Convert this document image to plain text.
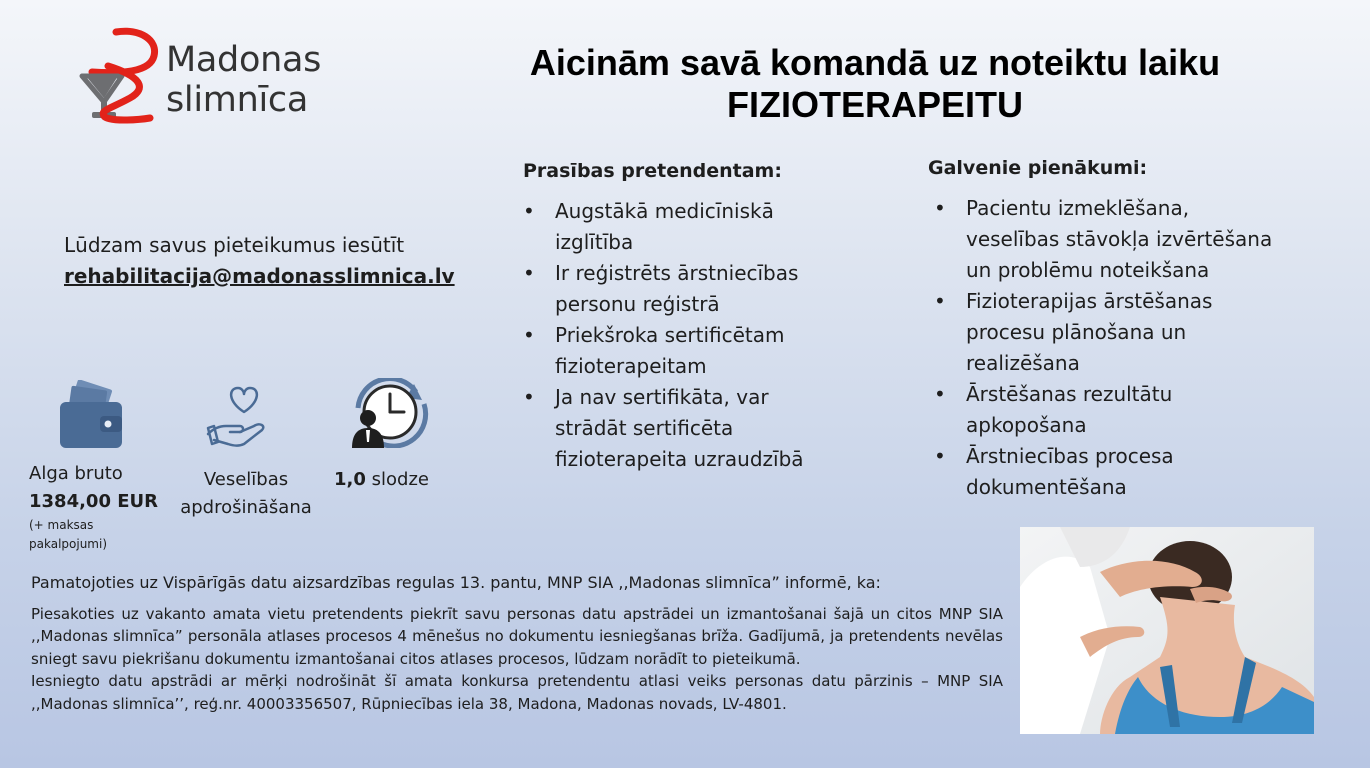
Madonas
slimnīca
Aicinām savā komandā uz noteiktu laiku
FIZIOTERAPEITU
Lūdzam savus pieteikumus iesūtīt
rehabilitacija@madonasslimnica.lv
Alga bruto
1384,00 EUR
(+ maksas
pakalpojumi)
Veselības
apdrošināšana
1,0 slodze
Prasības pretendentam:
• Augstākā medicīniskā
izglītība
• Ir reģistrēts ārstniecības
personu reģistrā
• Priekšroka sertificētam
fizioterapeitam
• Ja nav sertifikāta, var
strādāt sertificēta
fizioterapeita uzraudzībā
Galvenie pienākumi:
• Pacientu izmeklēšana,
veselības stāvokļa izvērtēšana
un problēmu noteikšana
• Fizioterapijas ārstēšanas
procesu plānošana un
realizēšana
• Ārstēšanas rezultātu
apkopošana
• Ārstniecības procesa
dokumentēšana
Pamatojoties uz Vispārīgās datu aizsardzības regulas 13. pantu, MNP SIA ,,Madonas slimnīca” informē, ka:

Piesakoties uz vakanto amata vietu pretendents piekrīt savu personas datu apstrādei un izmantošanai šajā un citos MNP SIA ,,Madonas slimnīca” personāla atlases procesos 4 mēnešus no dokumentu iesniegšanas brīža. Gadījumā, ja pretendents nevēlas sniegt savu piekrišanu dokumentu izmantošanai citos atlases procesos, lūdzam norādīt to pieteikumā.

Iesniegto datu apstrādi ar mērķi nodrošināt šī amata konkursa pretendentu atlasi veiks personas datu pārzinis – MNP SIA ,,Madonas slimnīca’’, reģ.nr. 40003356507, Rūpniecības iela 38, Madona, Madonas novads, LV-4801.
